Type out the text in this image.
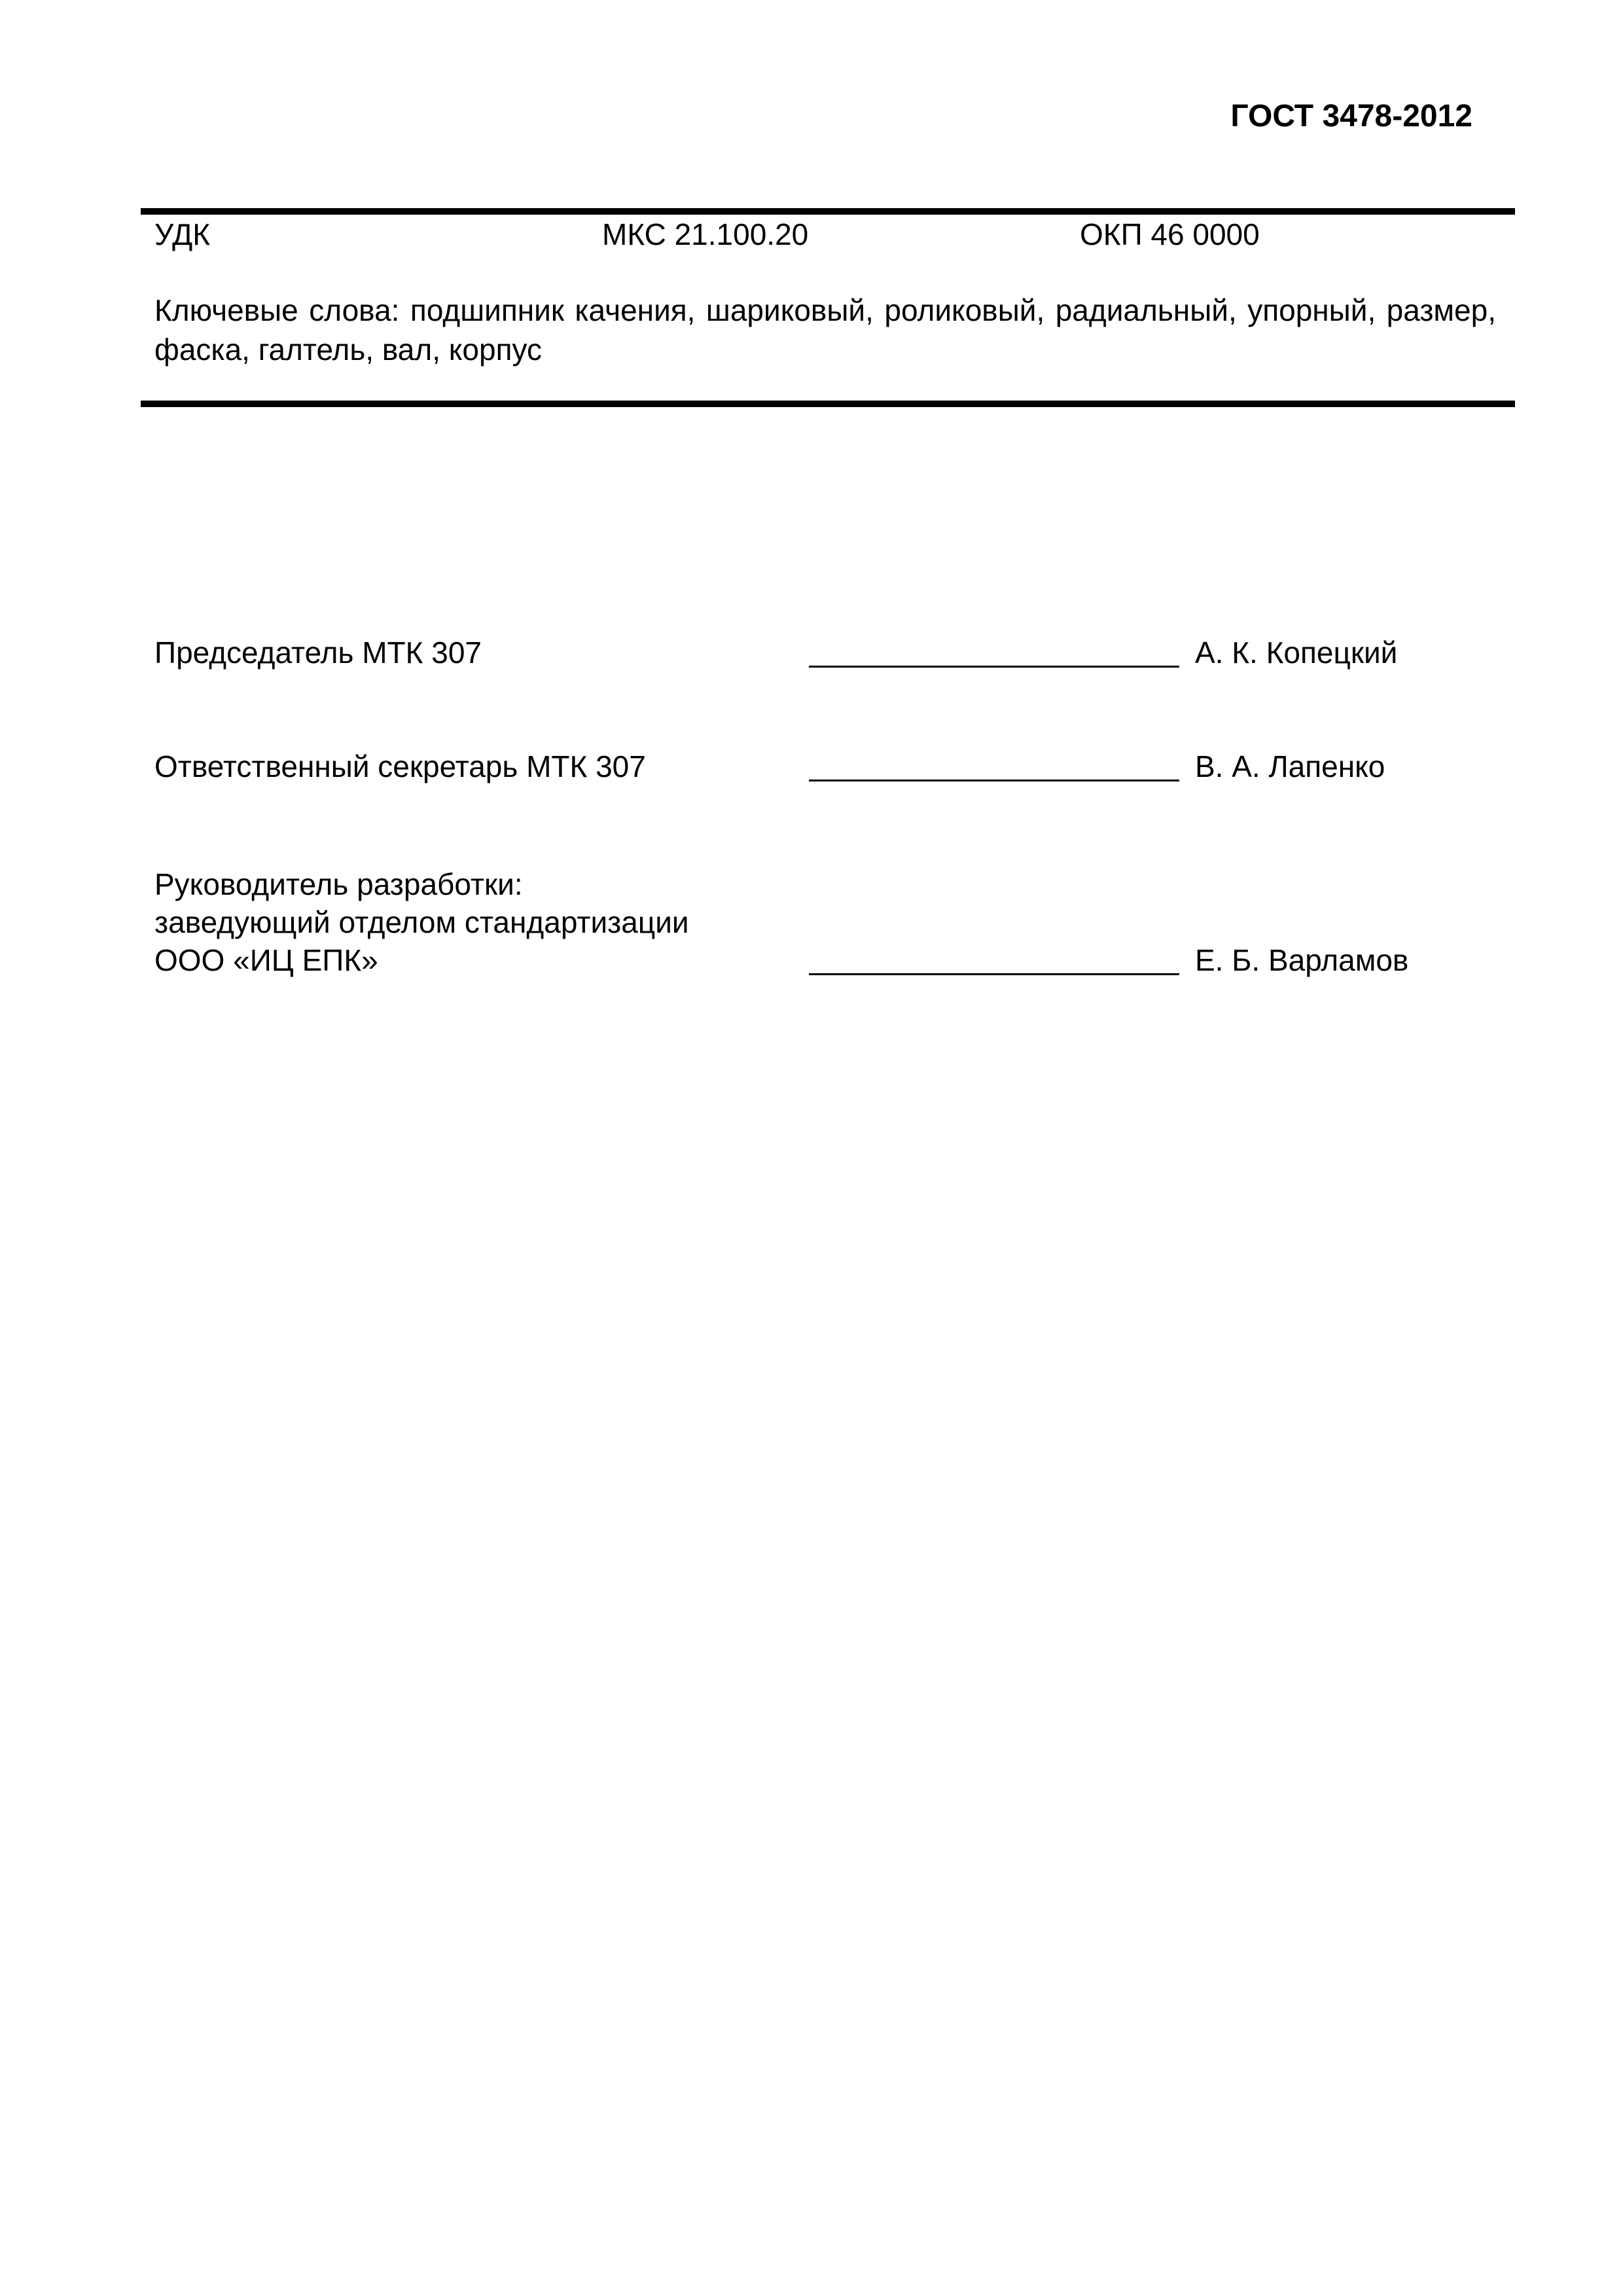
ГОСТ 3478-2012
УДК	МКС 21.100.20	ОКП 46 0000

Ключевые слова: подшипник качения, шариковый, роликовый, радиальный, упорный, размер, фаска, галтель, вал, корпус

Председатель МТК 307	А. К. Копецкий
Ответственный секретарь МТК 307	В. А. Лапенко
Руководитель разработки:
заведующий отделом стандартизации
ООО «ИЦ ЕПК»	Е. Б. Варламов
